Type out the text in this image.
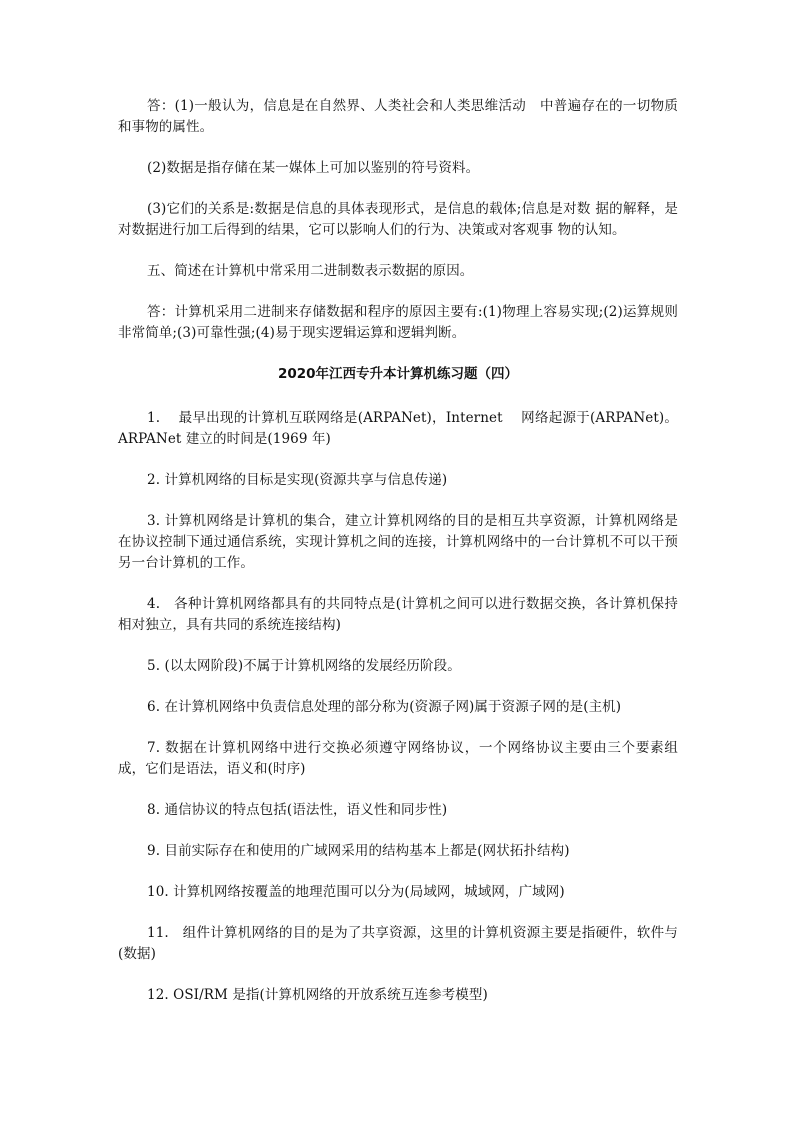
答：(1)一般认为，信息是在自然界、人类社会和人类思维活动　中普遍存在的一切物质和事物的属性。

(2)数据是指存储在某一媒体上可加以鉴别的符号资料。

(3)它们的关系是:数据是信息的具体表现形式，是信息的载体;信息是对数 据的解释，是对数据进行加工后得到的结果，它可以影响人们的行为、决策或对客观事 物的认知。

五、简述在计算机中常采用二进制数表示数据的原因。

答：计算机采用二进制来存储数据和程序的原因主要有:(1)物理上容易实现;(2)运算规则非常简单;(3)可靠性强;(4)易于现实逻辑运算和逻辑判断。

2020年江西专升本计算机练习题（四）

1.　 最早出现的计算机互联网络是(ARPANet)，Internet　 网络起源于(ARPANet)。ARPANet 建立的时间是(1969 年)

2. 计算机网络的目标是实现(资源共享与信息传递)

3. 计算机网络是计算机的集合，建立计算机网络的目的是相互共享资源，计算机网络是在协议控制下通过通信系统，实现计算机之间的连接，计算机网络中的一台计算机不可以干预另一台计算机的工作。

4.　各种计算机网络都具有的共同特点是(计算机之间可以进行数据交换，各计算机保持相对独立，具有共同的系统连接结构)

5. (以太网阶段)不属于计算机网络的发展经历阶段。

6. 在计算机网络中负责信息处理的部分称为(资源子网)属于资源子网的是(主机)

7. 数据在计算机网络中进行交换必须遵守网络协议，一个网络协议主要由三个要素组成，它们是语法，语义和(时序)

8. 通信协议的特点包括(语法性，语义性和同步性)

9. 目前实际存在和使用的广域网采用的结构基本上都是(网状拓扑结构)

10. 计算机网络按覆盖的地理范围可以分为(局域网，城域网，广域网)

11.　组件计算机网络的目的是为了共享资源，这里的计算机资源主要是指硬件，软件与(数据)

12. OSI/RM 是指(计算机网络的开放系统互连参考模型)
